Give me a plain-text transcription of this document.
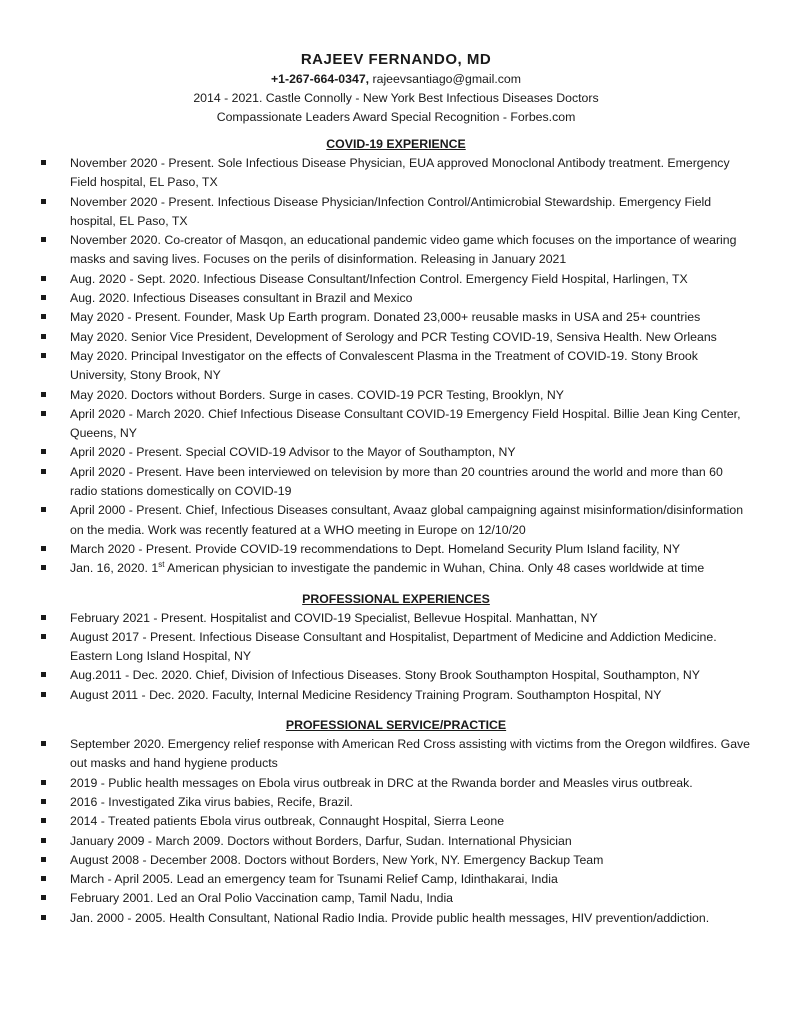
RAJEEV FERNANDO, MD
+1-267-664-0347, rajeevsantiago@gmail.com
2014 - 2021. Castle Connolly - New York Best Infectious Diseases Doctors
Compassionate Leaders Award Special Recognition - Forbes.com
COVID-19 EXPERIENCE
November 2020 - Present. Sole Infectious Disease Physician, EUA approved Monoclonal Antibody treatment. Emergency Field hospital, EL Paso, TX
November 2020 - Present. Infectious Disease Physician/Infection Control/Antimicrobial Stewardship. Emergency Field hospital, EL Paso, TX
November 2020. Co-creator of Masqon, an educational pandemic video game which focuses on the importance of wearing masks and saving lives. Focuses on the perils of disinformation. Releasing in January 2021
Aug. 2020 - Sept. 2020. Infectious Disease Consultant/Infection Control. Emergency Field Hospital, Harlingen, TX
Aug. 2020. Infectious Diseases consultant in Brazil and Mexico
May 2020 - Present. Founder, Mask Up Earth program. Donated 23,000+ reusable masks in USA and 25+ countries
May 2020. Senior Vice President, Development of Serology and PCR Testing COVID-19, Sensiva Health. New Orleans
May 2020. Principal Investigator on the effects of Convalescent Plasma in the Treatment of COVID-19. Stony Brook University, Stony Brook, NY
May 2020. Doctors without Borders. Surge in cases. COVID-19 PCR Testing, Brooklyn, NY
April 2020 - March 2020. Chief Infectious Disease Consultant COVID-19 Emergency Field Hospital. Billie Jean King Center, Queens, NY
April 2020 - Present. Special COVID-19 Advisor to the Mayor of Southampton, NY
April 2020 - Present. Have been interviewed on television by more than 20 countries around the world and more than 60 radio stations domestically on COVID-19
April 2000 - Present. Chief, Infectious Diseases consultant, Avaaz global campaigning against misinformation/disinformation on the media. Work was recently featured at a WHO meeting in Europe on 12/10/20
March 2020 - Present. Provide COVID-19 recommendations to Dept. Homeland Security Plum Island facility, NY
Jan. 16, 2020. 1st American physician to investigate the pandemic in Wuhan, China. Only 48 cases worldwide at time
PROFESSIONAL EXPERIENCES
February 2021 - Present. Hospitalist and COVID-19 Specialist, Bellevue Hospital. Manhattan, NY
August 2017 - Present. Infectious Disease Consultant and Hospitalist, Department of Medicine and Addiction Medicine. Eastern Long Island Hospital, NY
Aug.2011 - Dec. 2020. Chief, Division of Infectious Diseases. Stony Brook Southampton Hospital, Southampton, NY
August 2011 - Dec. 2020. Faculty, Internal Medicine Residency Training Program. Southampton Hospital, NY
PROFESSIONAL SERVICE/PRACTICE
September 2020. Emergency relief response with American Red Cross assisting with victims from the Oregon wildfires. Gave out masks and hand hygiene products
2019 - Public health messages on Ebola virus outbreak in DRC at the Rwanda border and Measles virus outbreak.
2016 - Investigated Zika virus babies, Recife, Brazil.
2014 - Treated patients Ebola virus outbreak, Connaught Hospital, Sierra Leone
January 2009 - March 2009. Doctors without Borders, Darfur, Sudan. International Physician
August 2008 - December 2008. Doctors without Borders, New York, NY. Emergency Backup Team
March - April 2005. Lead an emergency team for Tsunami Relief Camp, Idinthakarai, India
February 2001. Led an Oral Polio Vaccination camp, Tamil Nadu, India
Jan. 2000 - 2005. Health Consultant, National Radio India. Provide public health messages, HIV prevention/addiction.
